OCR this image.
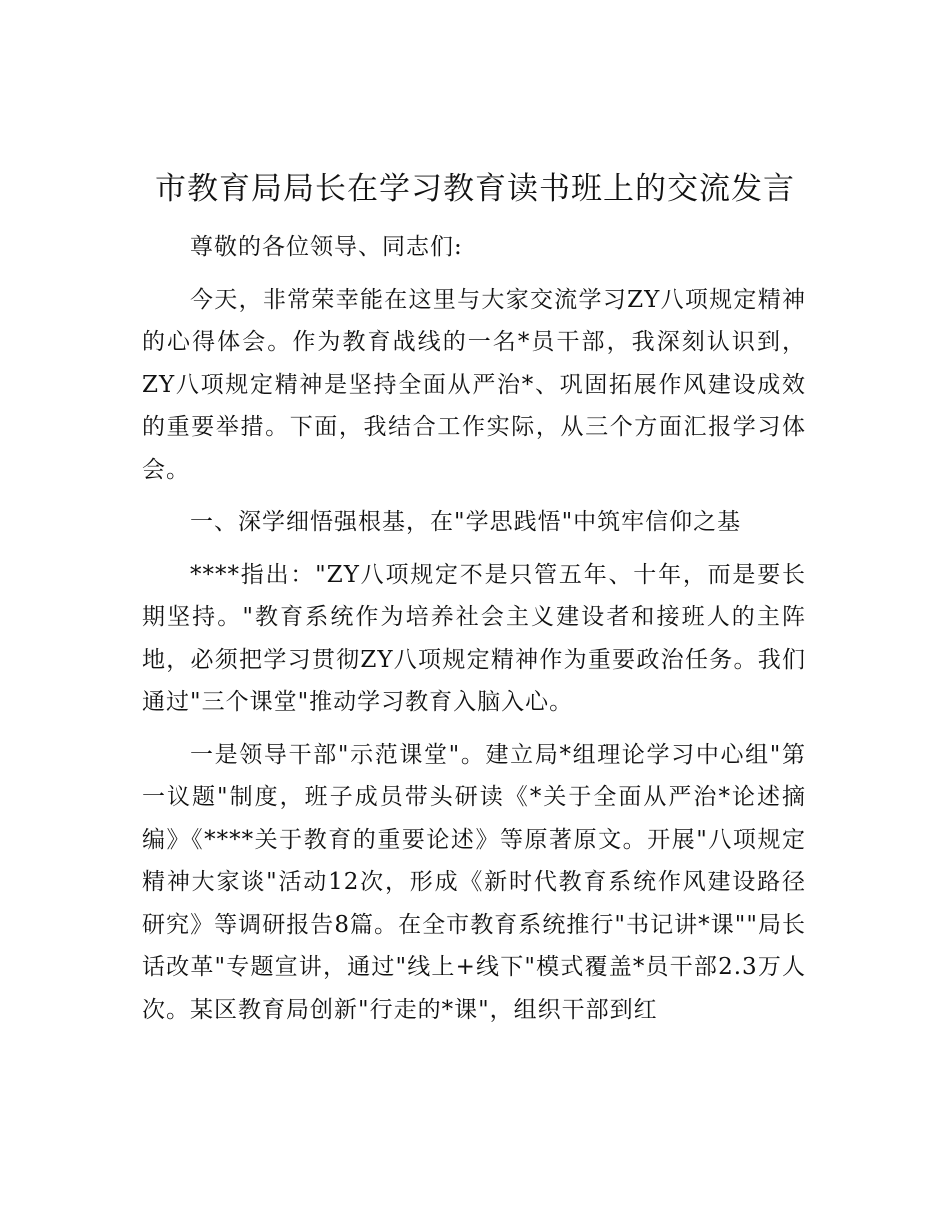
市教育局局长在学习教育读书班上的交流发言

尊敬的各位领导、同志们:

今天，非常荣幸能在这里与大家交流学习ZY八项规定精神的心得体会。作为教育战线的一名*员干部，我深刻认识到，ZY八项规定精神是坚持全面从严治*、巩固拓展作风建设成效的重要举措。下面，我结合工作实际，从三个方面汇报学习体会。

一、深学细悟强根基，在"学思践悟"中筑牢信仰之基

****指出："ZY八项规定不是只管五年、十年，而是要长期坚持。"教育系统作为培养社会主义建设者和接班人的主阵地，必须把学习贯彻ZY八项规定精神作为重要政治任务。我们通过"三个课堂"推动学习教育入脑入心。

一是领导干部"示范课堂"。建立局*组理论学习中心组"第一议题"制度，班子成员带头研读《*关于全面从严治*论述摘编》《****关于教育的重要论述》等原著原文。开展"八项规定精神大家谈"活动12次，形成《新时代教育系统作风建设路径研究》等调研报告8篇。在全市教育系统推行"书记讲*课""局长话改革"专题宣讲，通过"线上+线下"模式覆盖*员干部2.3万人次。某区教育局创新"行走的*课"，组织干部到红
